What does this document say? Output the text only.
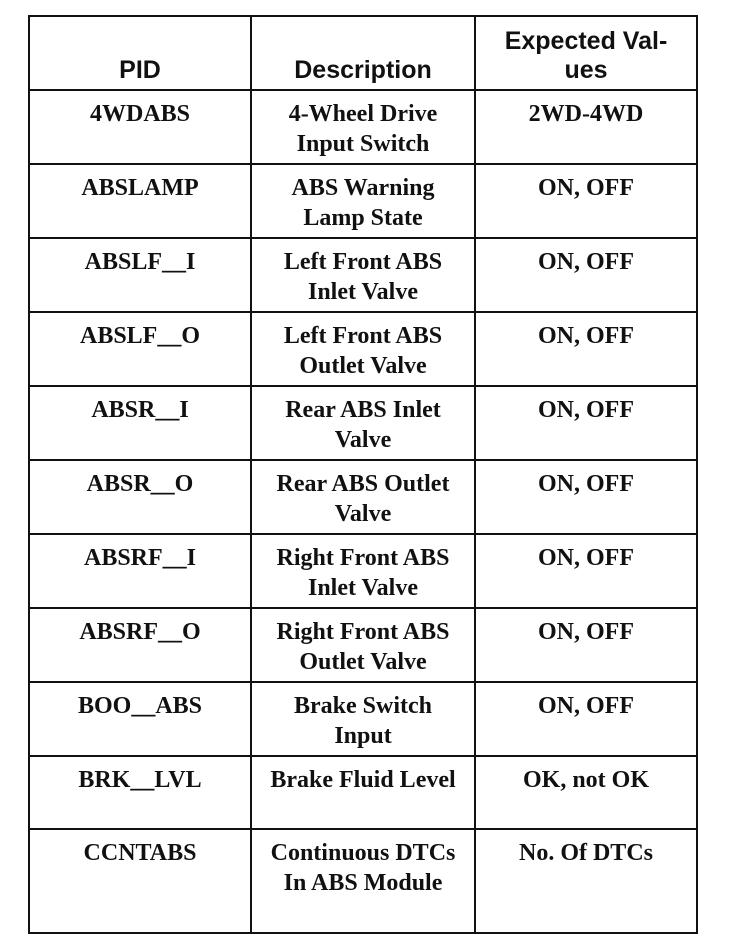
PID	Description	Expected Val-ues
4WDABS	4-Wheel Drive Input Switch	2WD-4WD
ABSLAMP	ABS Warning Lamp State	ON, OFF
ABSLF__I	Left Front ABS Inlet Valve	ON, OFF
ABSLF__O	Left Front ABS Outlet Valve	ON, OFF
ABSR__I	Rear ABS Inlet Valve	ON, OFF
ABSR__O	Rear ABS Outlet Valve	ON, OFF
ABSRF__I	Right Front ABS Inlet Valve	ON, OFF
ABSRF__O	Right Front ABS Outlet Valve	ON, OFF
BOO__ABS	Brake Switch Input	ON, OFF
BRK__LVL	Brake Fluid Level	OK, not OK
CCNTABS	Continuous DTCs In ABS Module	No. Of DTCs
